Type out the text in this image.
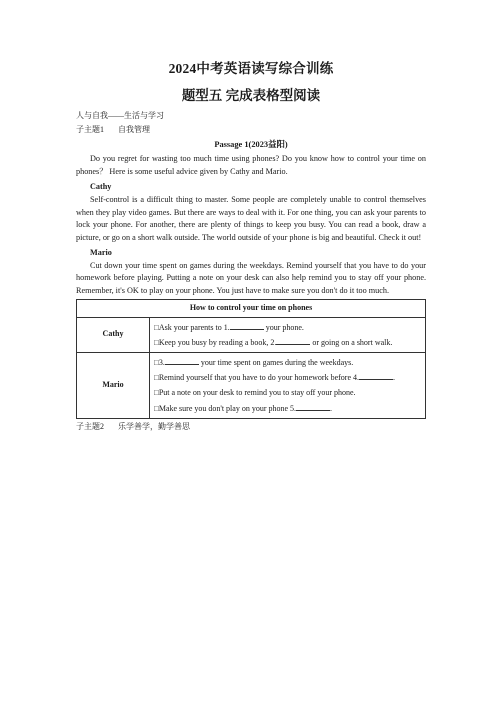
2024中考英语读写综合训练
题型五 完成表格型阅读
人与自我——生活与学习
子主题1 自我管理
Passage 1(2023益阳)

Do you regret for wasting too much time using phones? Do you know how to control your time on phones？ Here is some useful advice given by Cathy and Mario.

Cathy

Self-control is a difficult thing to master. Some people are completely unable to control themselves when they play video games. But there are ways to deal with it. For one thing, you can ask your parents to lock your phone. For another, there are plenty of things to keep you busy. You can read a book, draw a picture, or go on a short walk outside. The world outside of your phone is big and beautiful. Check it out!

Mario

Cut down your time spent on games during the weekdays. Remind yourself that you have to do your homework before playing. Putting a note on your desk can also help remind you to stay off your phone. Remember, it's OK to play on your phone. You just have to make sure you don't do it too much.

How to control your time on phones	
Cathy	□Ask your parents to 1. your phone.
□Keep you busy by reading a book, 2. or going on a short walk.

Mario	□3. your time spent on games during the weekdays.
□Remind yourself that you have to do your homework before 4. .
□Put a note on your desk to remind you to stay off your phone.
□Make sure you don't play on your phone 5. .
子主题2 乐学善学，勤学善思
